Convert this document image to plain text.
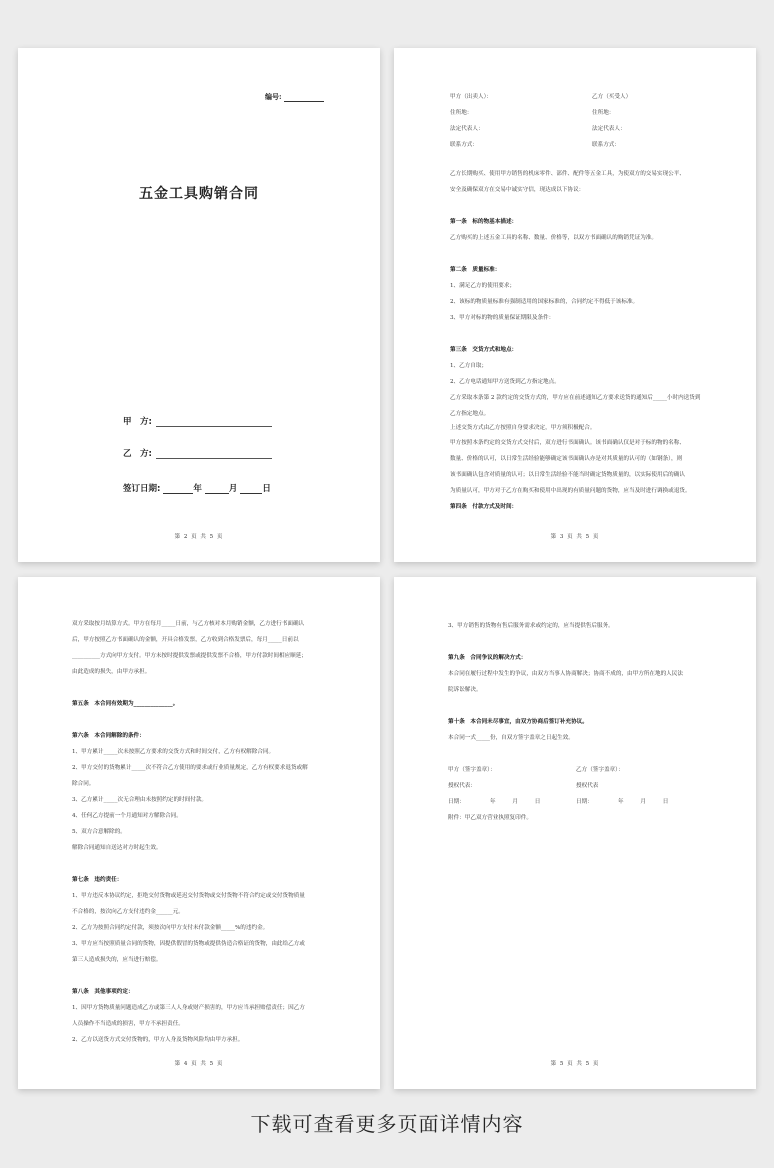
编号:
五金工具购销合同
甲　方:
乙　方:
签订日期:	年	月	日
第 2 页 共 5 页
甲方（出卖人）：	乙方（买受人）
住所地：	住所地：
法定代表人：	法定代表人：
联系方式：	联系方式：
乙方长期购买、使用甲方销售的机床零件、部件、配件等五金工具，为使双方的交易实现公平、
安全及确保双方在交易中诚实守信，现达成以下协议：
第一条　标的物基本描述：
乙方购买的上述五金工具的名称、数量、价格等，以双方书面确认的购销凭证为准。
第二条　质量标准：
1、满足乙方的使用要求；
2、该标的物质量标准有强制适用的国家标准的，合同约定不得低于该标准。
3、甲方对标的物的质量保证期限及条件：
第三条　交货方式和地点：
1、乙方自取；
2、乙方电话通知甲方送货到乙方指定地点。
乙方采取本条第 2 款约定的交货方式的，甲方应在前述通知乙方要求送货的通知后_____小时内送货到
乙方指定地点。
上述交货方式由乙方按照自身要求决定，甲方须积极配合。
甲方按照本条约定的交货方式交付后，双方进行书面确认。该书面确认仅是对于标的物的名称、
数量、价格的认可，以日常生活经验能够确定该书面确认亦是对其质量的认可的（如钢条），则
该书面确认包含对质量的认可；以日常生活经验不能当时确定货物质量的，以实际使用后的确认
为质量认可，甲方对于乙方在购买和使用中出现的有质量问题的货物，应当及时进行调换或退货。
第四条　付款方式及时间：
第 3 页 共 5 页
双方采取按月结算方式。甲方在每月_____日前，与乙方核对本月购销金额，乙方进行书面确认
后，甲方按照乙方书面确认的金额，开具合格发票，乙方收到合格发票后，每月_____日前以
__________方式向甲方支付。甲方未按时提供发票或提供发票不合格，甲方付款时间相应顺延；
由此造成的损失，由甲方承担。
第五条　本合同有效期为______________。
第六条　本合同解除的条件：
1、甲方累计_____次未按照乙方要求的交货方式和时间交付，乙方有权解除合同。
2、甲方交付的货物累计_____次不符合乙方使用的要求或行业质量规定，乙方有权要求退货或解
除合同。
3、乙方累计_____次无合理由未按照约定的时间付款。
4、任何乙方提前一个月通知对方解除合同。
5、双方合意解除的。
解除合同通知自送达对方时起生效。
第七条　违约责任：
1、甲方违反本协议约定，拒绝交付货物或延迟交付货物或交付货物不符合约定或交付货物质量
不合格的，按次向乙方支付违约金______元。
2、乙方为按照合同约定付款，须按次向甲方支付未付款金额_____%的违约金。
3、甲方应当按照质量合同的货物，因提供假冒的货物或提供伪造合格证的货物，由此给乙方或
第三人造成损失的，应当进行赔偿。
第八条　其他事项约定：
1、因甲方货物质量问题造成乙方或第三人人身或财产损害的，甲方应当承担赔偿责任；因乙方
人员操作不当造成的损害，甲方不承担责任。
2、乙方以送货方式交付货物的，甲方人身及货物风险均由甲方承担。
第 4 页 共 5 页
3、甲方销售的货物有售后服务需求或约定的，应当提供售后服务。
第九条　合同争议的解决方式：
本合同在履行过程中发生的争议，由双方当事人协商解决；协商不成的，由甲方所在地的人民法
院诉讼解决。
第十条　本合同未尽事宜，由双方协商后签订补充协议。
本合同一式_____份，自双方签字盖章之日起生效。
甲方（签字盖章）：	乙方（签字盖章）：
授权代表：	授权代表
日期：　　　　　年　　　月　　　日	日期：　　　　　年　　　月　　　日
附件：甲乙双方营业执照复印件。
第 5 页 共 5 页
下载可查看更多页面详情内容
